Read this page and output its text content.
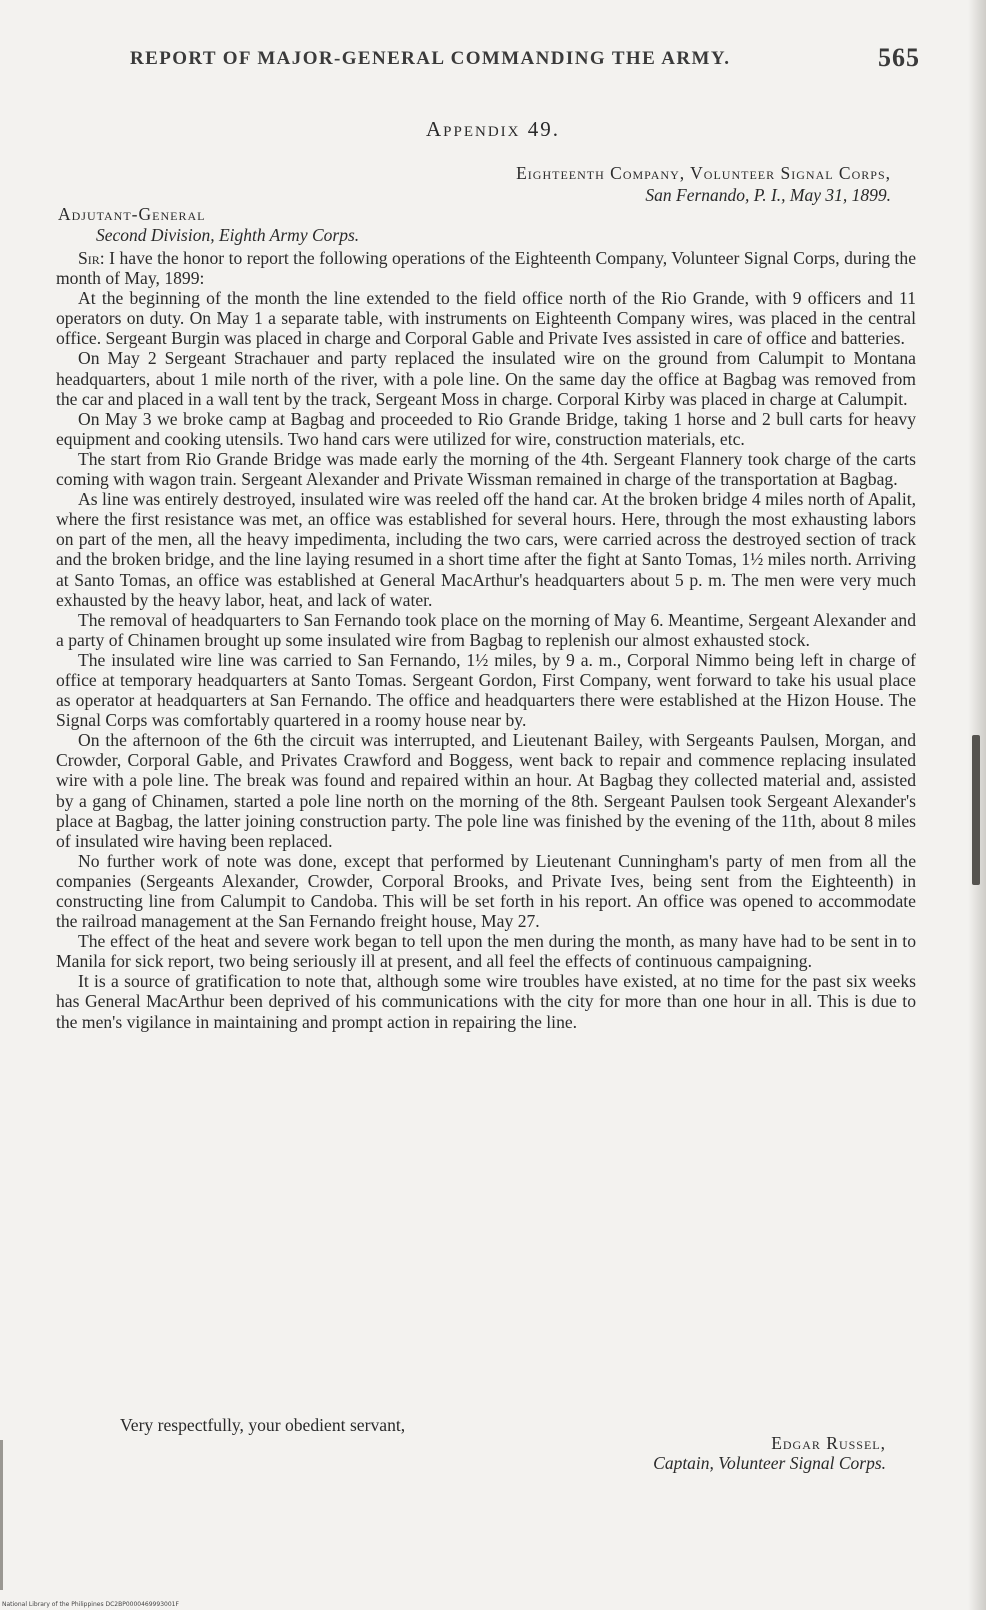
REPORT OF MAJOR-GENERAL COMMANDING THE ARMY.	565
Appendix 49.
Eighteenth Company, Volunteer Signal Corps,
San Fernando, P. I., May 31, 1899.
Adjutant-General
Second Division, Eighth Army Corps.

Sir: I have the honor to report the following operations of the Eighteenth Company, Volunteer Signal Corps, during the month of May, 1899:

At the beginning of the month the line extended to the field office north of the Rio Grande, with 9 officers and 11 operators on duty. On May 1 a separate table, with instruments on Eighteenth Company wires, was placed in the central office. Sergeant Burgin was placed in charge and Corporal Gable and Private Ives assisted in care of office and batteries.

On May 2 Sergeant Strachauer and party replaced the insulated wire on the ground from Calumpit to Montana headquarters, about 1 mile north of the river, with a pole line. On the same day the office at Bagbag was removed from the car and placed in a wall tent by the track, Sergeant Moss in charge. Corporal Kirby was placed in charge at Calumpit.

On May 3 we broke camp at Bagbag and proceeded to Rio Grande Bridge, taking 1 horse and 2 bull carts for heavy equipment and cooking utensils. Two hand cars were utilized for wire, construction materials, etc.

The start from Rio Grande Bridge was made early the morning of the 4th. Sergeant Flannery took charge of the carts coming with wagon train. Sergeant Alexander and Private Wissman remained in charge of the transportation at Bagbag.

As line was entirely destroyed, insulated wire was reeled off the hand car. At the broken bridge 4 miles north of Apalit, where the first resistance was met, an office was established for several hours. Here, through the most exhausting labors on part of the men, all the heavy impedimenta, including the two cars, were carried across the destroyed section of track and the broken bridge, and the line laying resumed in a short time after the fight at Santo Tomas, 1½ miles north. Arriving at Santo Tomas, an office was established at General MacArthur's headquarters about 5 p. m. The men were very much exhausted by the heavy labor, heat, and lack of water.

The removal of headquarters to San Fernando took place on the morning of May 6. Meantime, Sergeant Alexander and a party of Chinamen brought up some insulated wire from Bagbag to replenish our almost exhausted stock.

The insulated wire line was carried to San Fernando, 1½ miles, by 9 a. m., Corporal Nimmo being left in charge of office at temporary headquarters at Santo Tomas. Sergeant Gordon, First Company, went forward to take his usual place as operator at headquarters at San Fernando. The office and headquarters there were established at the Hizon House. The Signal Corps was comfortably quartered in a roomy house near by.

On the afternoon of the 6th the circuit was interrupted, and Lieutenant Bailey, with Sergeants Paulsen, Morgan, and Crowder, Corporal Gable, and Privates Crawford and Boggess, went back to repair and commence replacing insulated wire with a pole line. The break was found and repaired within an hour. At Bagbag they collected material and, assisted by a gang of Chinamen, started a pole line north on the morning of the 8th. Sergeant Paulsen took Sergeant Alexander's place at Bagbag, the latter joining construction party. The pole line was finished by the evening of the 11th, about 8 miles of insulated wire having been replaced.

No further work of note was done, except that performed by Lieutenant Cunningham's party of men from all the companies (Sergeants Alexander, Crowder, Corporal Brooks, and Private Ives, being sent from the Eighteenth) in constructing line from Calumpit to Candoba. This will be set forth in his report. An office was opened to accommodate the railroad management at the San Fernando freight house, May 27.

The effect of the heat and severe work began to tell upon the men during the month, as many have had to be sent in to Manila for sick report, two being seriously ill at present, and all feel the effects of continuous campaigning.

It is a source of gratification to note that, although some wire troubles have existed, at no time for the past six weeks has General MacArthur been deprived of his communications with the city for more than one hour in all. This is due to the men's vigilance in maintaining and prompt action in repairing the line.

Very respectfully, your obedient servant,
Edgar Russel,
Captain, Volunteer Signal Corps.
National Library of the Philippines DC2BP0000469993001F
